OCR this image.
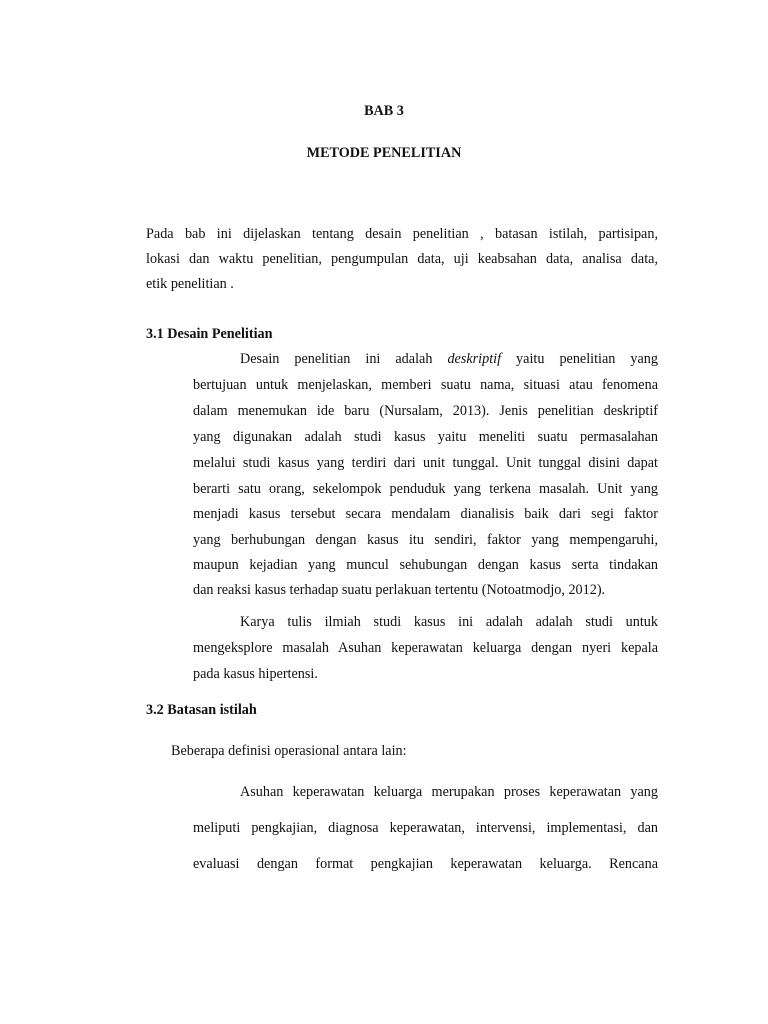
BAB 3
METODE PENELITIAN
Pada bab ini dijelaskan tentang desain penelitian , batasan istilah, partisipan,
lokasi dan waktu penelitian, pengumpulan data, uji keabsahan data, analisa data,
etik penelitian .
3.1 Desain Penelitian
Desain penelitian ini adalah deskriptif yaitu penelitian yang
bertujuan untuk menjelaskan, memberi suatu nama, situasi atau fenomena
dalam menemukan ide baru (Nursalam, 2013). Jenis penelitian deskriptif
yang digunakan adalah studi kasus yaitu meneliti suatu permasalahan
melalui studi kasus yang terdiri dari unit tunggal. Unit tunggal disini dapat
berarti satu orang, sekelompok penduduk yang terkena masalah. Unit yang
menjadi kasus tersebut secara mendalam dianalisis baik dari segi faktor
yang berhubungan dengan kasus itu sendiri, faktor yang mempengaruhi,
maupun kejadian yang muncul sehubungan dengan kasus serta tindakan
dan reaksi kasus terhadap suatu perlakuan tertentu (Notoatmodjo, 2012).
Karya tulis ilmiah studi kasus ini adalah adalah studi untuk
mengeksplore masalah Asuhan keperawatan keluarga dengan nyeri kepala
pada kasus hipertensi.
3.2 Batasan istilah
Beberapa definisi operasional antara lain:
Asuhan keperawatan keluarga merupakan proses keperawatan yang
meliputi pengkajian, diagnosa keperawatan, intervensi, implementasi, dan
evaluasi dengan format pengkajian keperawatan keluarga. Rencana
